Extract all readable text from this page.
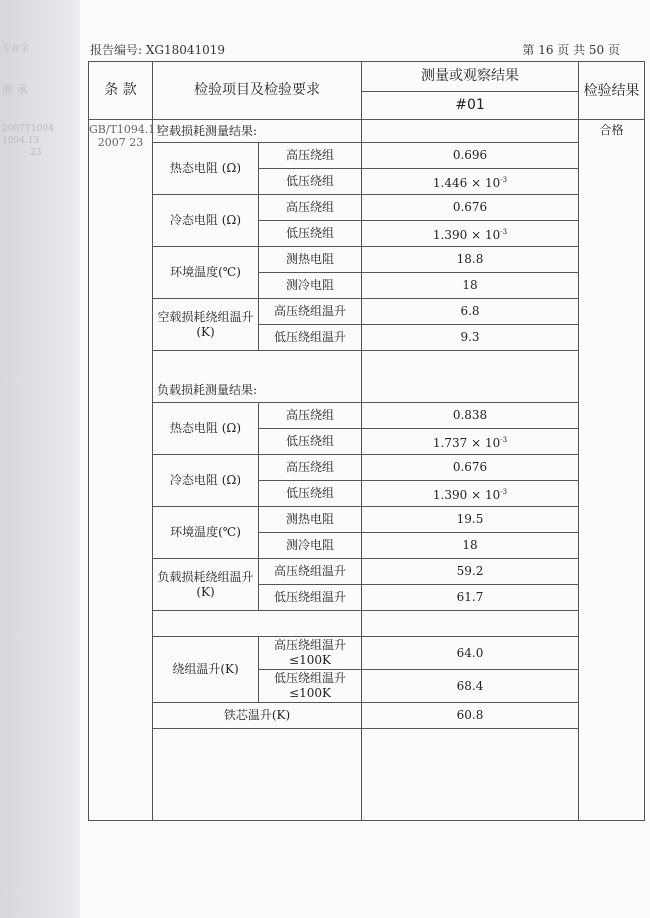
专业字
准 承
2007T1094
1094.13
23
报告编号: XG18041019	第 16 页 共 50 页
条 款	检验项目及检验要求		测量或观察结果	检验结果
			#01	
GB/T1094.11-2007 23	空载损耗测量结果:			合格
	热态电阻 (Ω)	高压绕组	0.696	
		低压绕组	$1.446 \times 10^{-3}$
	冷态电阻 (Ω)	高压绕组	0.676	
		低压绕组	$1.390 \times 10^{-3}$
	环境温度(℃)	测热电阻	18.8	
		测冷电阻	18	
	空载损耗绕组温升(K)	高压绕组温升	6.8	
		低压绕组温升	9.3	
	负载损耗测量结果:			
	热态电阻 (Ω)	高压绕组	0.838	
		低压绕组	$1.737 \times 10^{-3}$
	冷态电阻 (Ω)	高压绕组	0.676	
		低压绕组	$1.390 \times 10^{-3}$
	环境温度(℃)	测热电阻	19.5	
		测冷电阻	18	
	负载损耗绕组温升(K)	高压绕组温升	59.2	
		低压绕组温升	61.7	

	绕组温升(K)	高压绕组温升≤100K	64.0	
		低压绕组温升≤100K	68.4	
	铁芯温升(K)		60.8	
